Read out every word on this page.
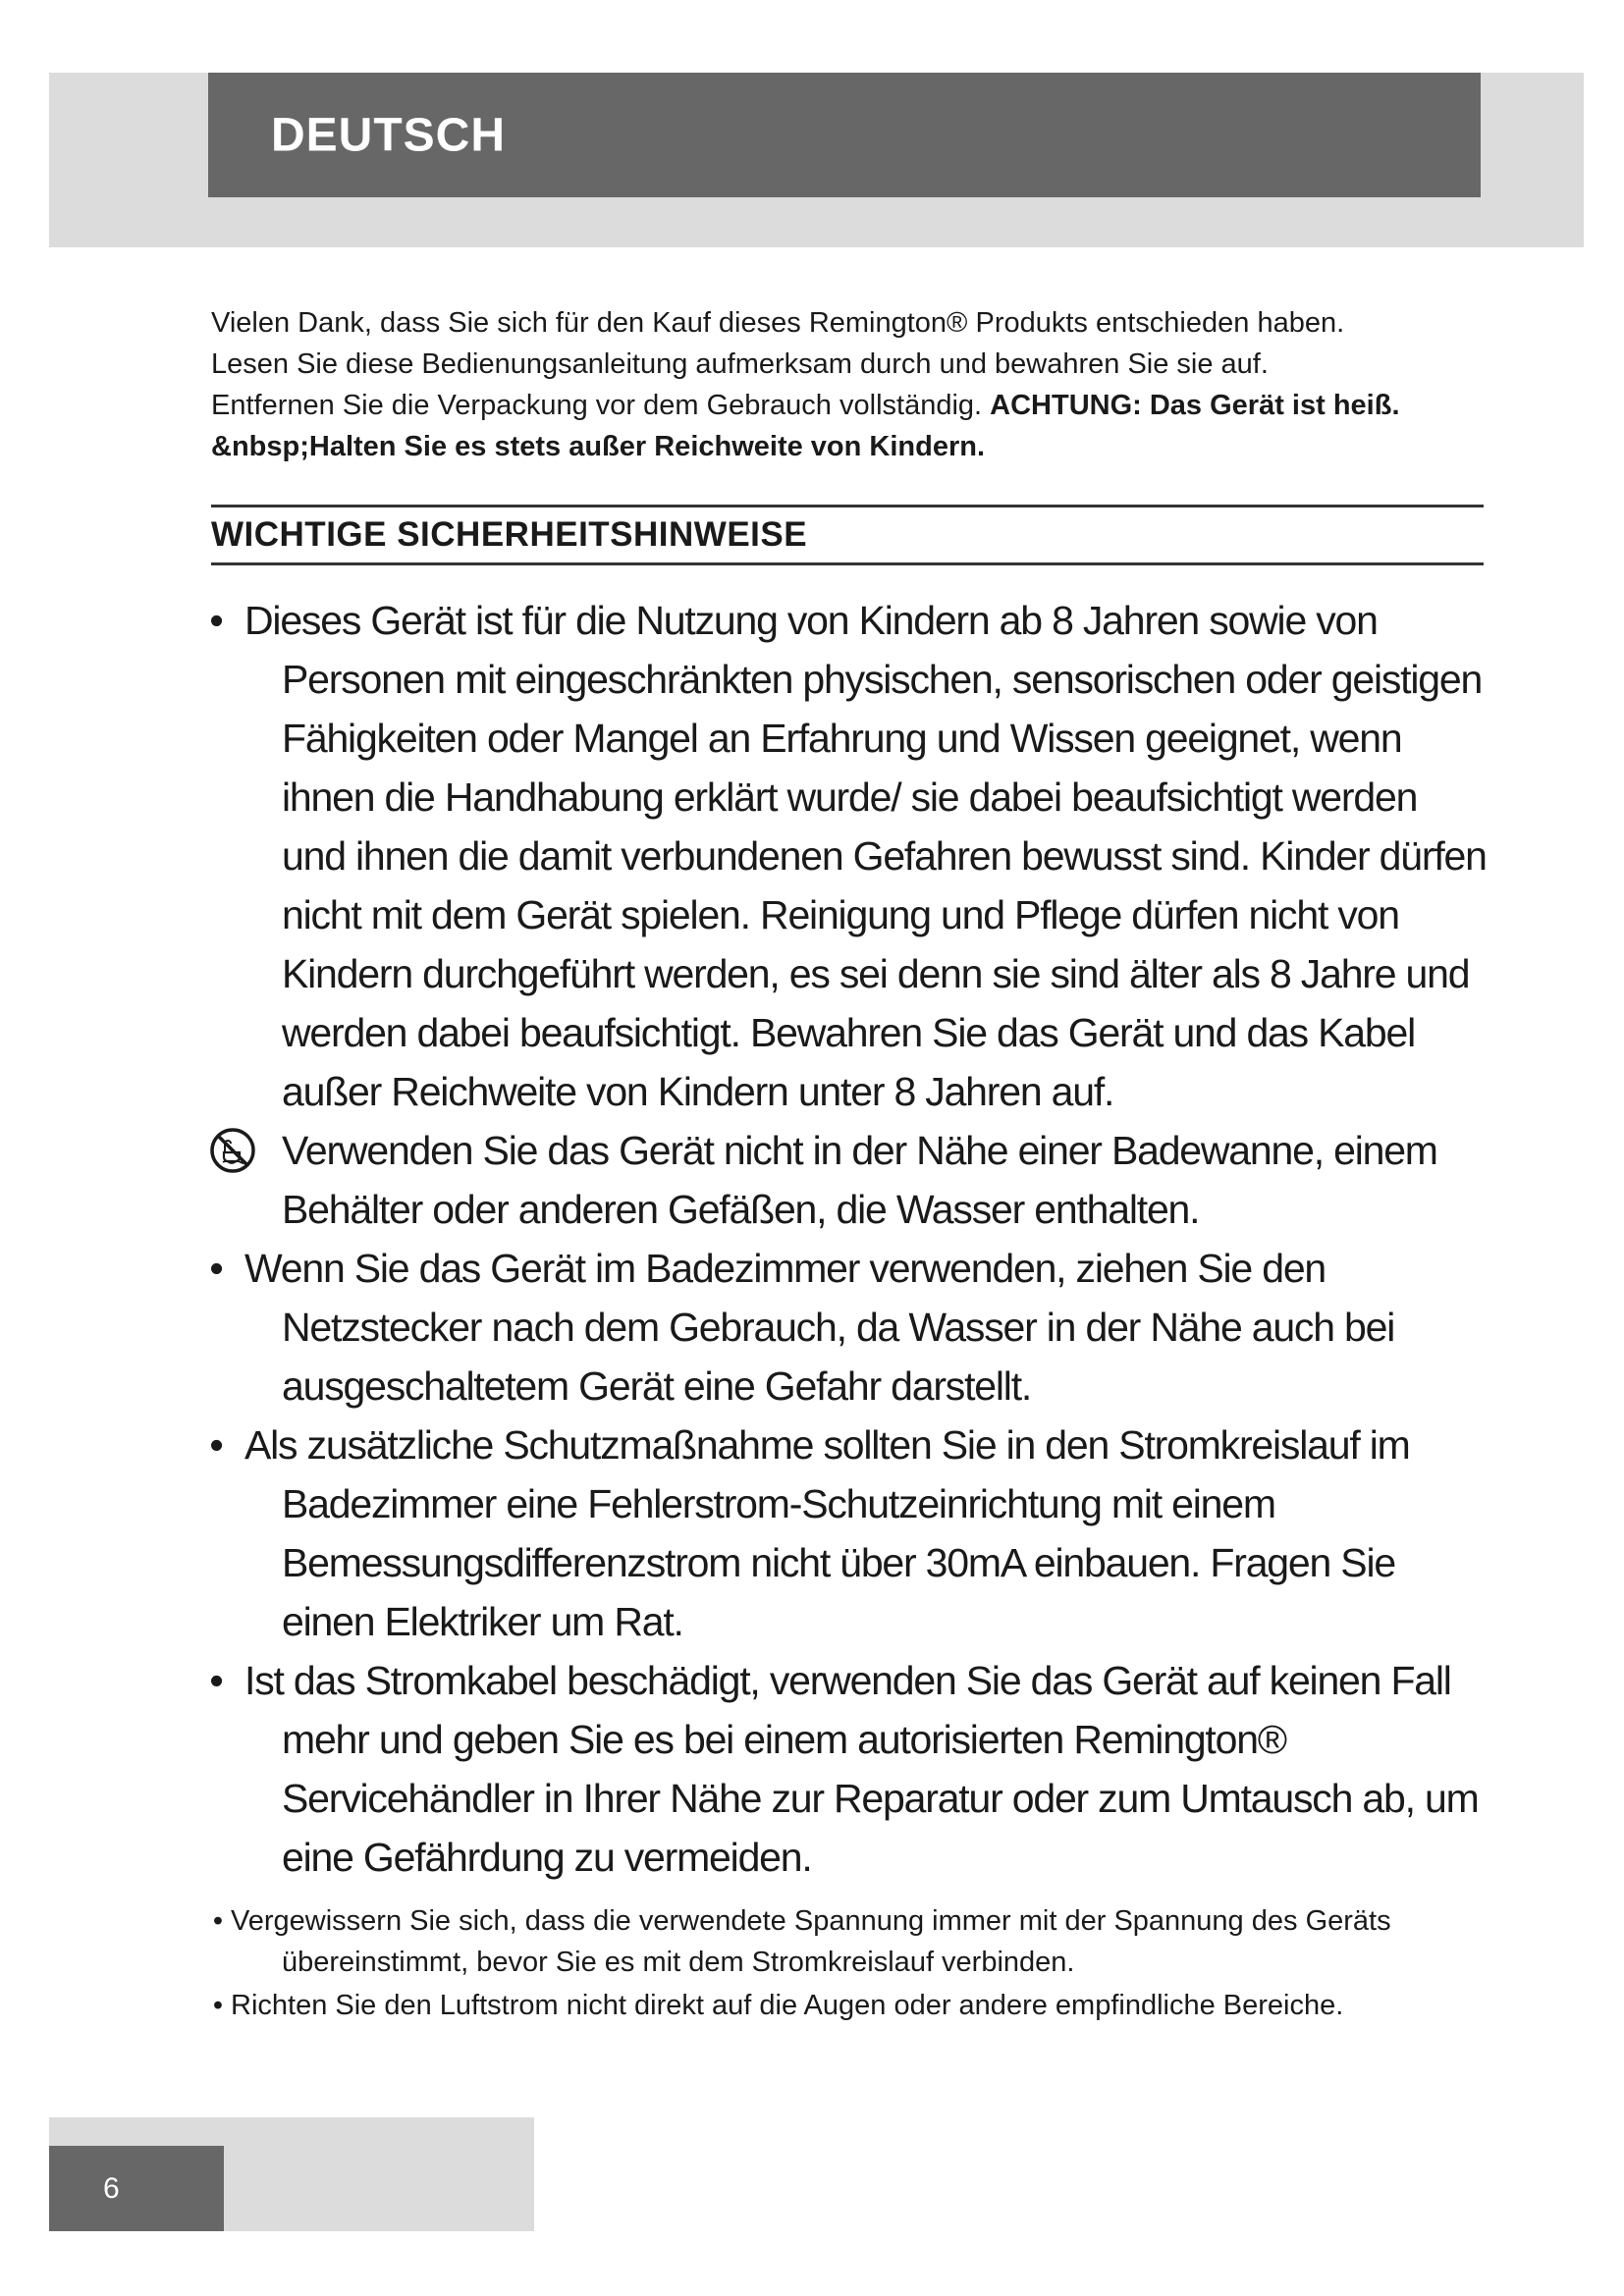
DEUTSCH

Vielen Dank, dass Sie sich für den Kauf dieses Remington® Produkts entschieden haben.
Lesen Sie diese Bedienungsanleitung aufmerksam durch und bewahren Sie sie auf.
Entfernen Sie die Verpackung vor dem Gebrauch vollständig. ACHTUNG: Das Gerät ist heiß. &nbsp;Halten Sie es stets außer Reichweite von Kindern.

WICHTIGE SICHERHEITSHINWEISE
• Dieses Gerät ist für die Nutzung von Kindern ab 8 Jahren sowie von Personen mit eingeschränkten physischen, sensorischen oder geistigen Fähigkeiten oder Mangel an Erfahrung und Wissen geeignet, wenn ihnen die Handhabung erklärt wurde/ sie dabei beaufsichtigt werden und ihnen die damit verbundenen Gefahren bewusst sind. Kinder dürfen nicht mit dem Gerät spielen. Reinigung und Pflege dürfen nicht von Kindern durchgeführt werden, es sei denn sie sind älter als 8 Jahre und werden dabei beaufsichtigt. Bewahren Sie das Gerät und das Kabel außer Reichweite von Kindern unter 8 Jahren auf.
Verwenden Sie das Gerät nicht in der Nähe einer Badewanne, einem Behälter oder anderen Gefäßen, die Wasser enthalten.
• Wenn Sie das Gerät im Badezimmer verwenden, ziehen Sie den Netzstecker nach dem Gebrauch, da Wasser in der Nähe auch bei ausgeschaltetem Gerät eine Gefahr darstellt.
• Als zusätzliche Schutzmaßnahme sollten Sie in den Stromkreislauf im Badezimmer eine Fehlerstrom-Schutzeinrichtung mit einem Bemessungsdifferenzstrom nicht über 30mA einbauen. Fragen Sie einen Elektriker um Rat.
• Ist das Stromkabel beschädigt, verwenden Sie das Gerät auf keinen Fall mehr und geben Sie es bei einem autorisierten Remington® Servicehändler in Ihrer Nähe zur Reparatur oder zum Umtausch ab, um eine Gefährdung zu vermeiden.
• Vergewissern Sie sich, dass die verwendete Spannung immer mit der Spannung des Geräts übereinstimmt, bevor Sie es mit dem Stromkreislauf verbinden.
• Richten Sie den Luftstrom nicht direkt auf die Augen oder andere empfindliche Bereiche.
6
